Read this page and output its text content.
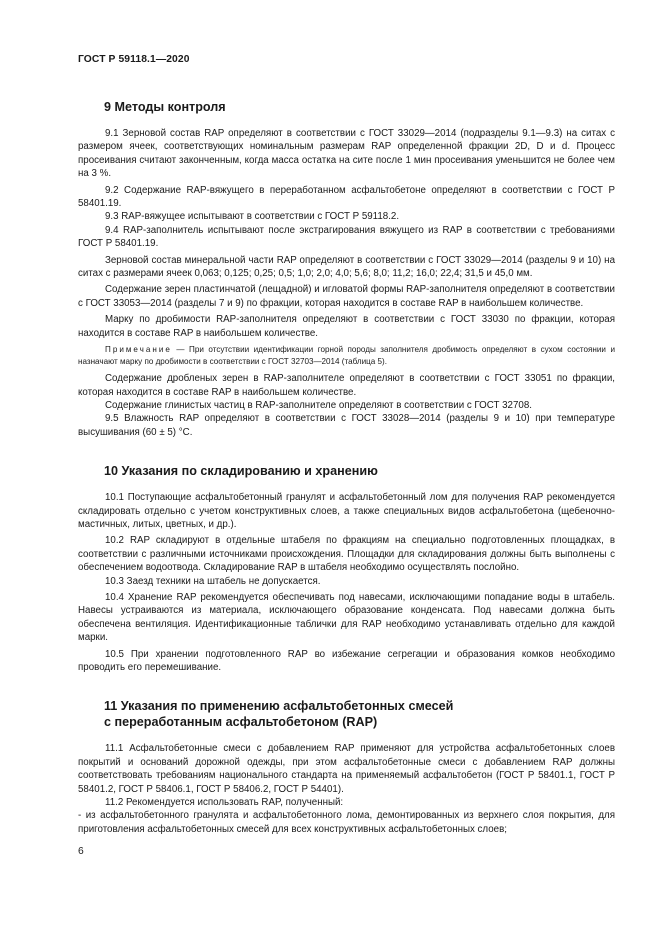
ГОСТ Р 59118.1—2020
9 Методы контроля

9.1 Зерновой состав RAP определяют в соответствии с ГОСТ 33029—2014 (подразделы 9.1—9.3) на ситах с размером ячеек, соответствующих номинальным размерам RAP определенной фракции 2D, D и d. Процесс просеивания считают законченным, когда масса остатка на сите после 1 мин просеивания уменьшится не более чем на 3 %.

9.2 Содержание RAP-вяжущего в переработанном асфальтобетоне определяют в соответствии с ГОСТ Р 58401.19.

9.3 RAP-вяжущее испытывают в соответствии с ГОСТ Р 59118.2.

9.4 RAP-заполнитель испытывают после экстрагирования вяжущего из RAP в соответствии с требованиями ГОСТ Р 58401.19.

Зерновой состав минеральной части RAP определяют в соответствии с ГОСТ 33029—2014 (разделы 9 и 10) на ситах с размерами ячеек 0,063; 0,125; 0,25; 0,5; 1,0; 2,0; 4,0; 5,6; 8,0; 11,2; 16,0; 22,4; 31,5 и 45,0 мм.

Содержание зерен пластинчатой (лещадной) и игловатой формы RAP-заполнителя определяют в соответствии с ГОСТ 33053—2014 (разделы 7 и 9) по фракции, которая находится в составе RAP в наибольшем количестве.

Марку по дробимости RAP-заполнителя определяют в соответствии с ГОСТ 33030 по фракции, которая находится в составе RAP в наибольшем количестве.

Примечание — При отсутствии идентификации горной породы заполнителя дробимость определяют в сухом состоянии и назначают марку по дробимости в соответствии с ГОСТ 32703—2014 (таблица 5).

Содержание дробленых зерен в RAP-заполнителе определяют в соответствии с ГОСТ 33051 по фракции, которая находится в составе RAP в наибольшем количестве.

Содержание глинистых частиц в RAP-заполнителе определяют в соответствии с ГОСТ 32708.

9.5 Влажность RAP определяют в соответствии с ГОСТ 33028—2014 (разделы 9 и 10) при температуре высушивания (60 ± 5) °С.

10 Указания по складированию и хранению

10.1 Поступающие асфальтобетонный гранулят и асфальтобетонный лом для получения RAP рекомендуется складировать отдельно с учетом конструктивных слоев, а также специальных видов асфальтобетона (щебеночно-мастичных, литых, цветных, и др.).

10.2 RAP складируют в отдельные штабеля по фракциям на специально подготовленных площадках, в соответствии с различными источниками происхождения. Площадки для складирования должны быть выполнены с обеспечением водоотвода. Складирование RAP в штабеля необходимо осуществлять послойно.

10.3 Заезд техники на штабель не допускается.

10.4 Хранение RAP рекомендуется обеспечивать под навесами, исключающими попадание воды в штабель. Навесы устраиваются из материала, исключающего образование конденсата. Под навесами должна быть обеспечена вентиляция. Идентификационные таблички для RAP необходимо устанавливать отдельно для каждой марки.

10.5 При хранении подготовленного RAP во избежание сегрегации и образования комков необходимо проводить его перемешивание.

11 Указания по применению асфальтобетонных смесей
с переработанным асфальтобетоном (RAP)

11.1 Асфальтобетонные смеси с добавлением RAP применяют для устройства асфальтобетонных слоев покрытий и оснований дорожной одежды, при этом асфальтобетонные смеси с добавлением RAP должны соответствовать требованиям национального стандарта на применяемый асфальтобетон (ГОСТ Р 58401.1, ГОСТ Р 58401.2, ГОСТ Р 58406.1, ГОСТ Р 58406.2, ГОСТ Р 54401).

11.2 Рекомендуется использовать RAP, полученный:

- из асфальтобетонного гранулята и асфальтобетонного лома, демонтированных из верхнего слоя покрытия, для приготовления асфальтобетонных смесей для всех конструктивных асфальтобетонных слоев;

6
